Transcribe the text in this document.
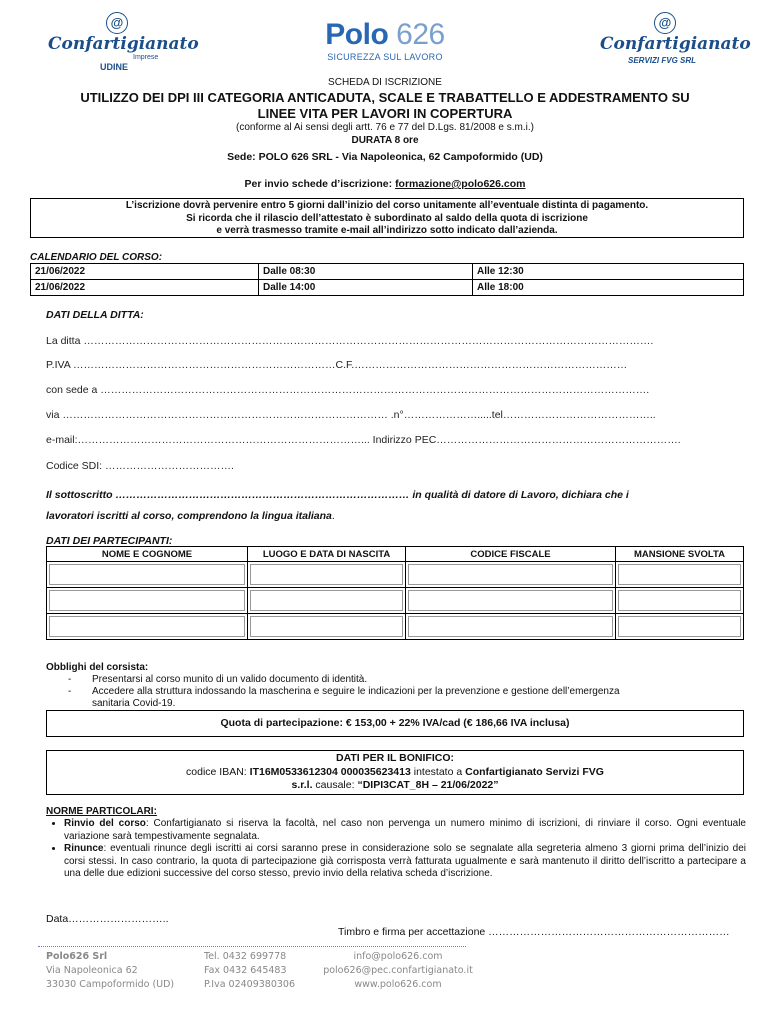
@
Confartigianato
Imprese
UDINE
Polo 626
SICUREZZA SUL LAVORO
@
Confartigianato
SERVIZI FVG SRL
SCHEDA DI ISCRIZIONE
UTILIZZO DEI DPI III CATEGORIA ANTICADUTA, SCALE E TRABATTELLO E ADDESTRAMENTO SU
LINEE VITA PER LAVORI IN COPERTURA
(conforme al Ai sensi degli artt. 76 e 77 del D.Lgs. 81/2008 e s.m.i.)
DURATA 8 ore
Sede: POLO 626 SRL - Via Napoleonica, 62 Campoformido (UD)
Per invio schede d’iscrizione: formazione@polo626.com
L’iscrizione dovrà pervenire entro 5 giorni dall’inizio del corso unitamente all’eventuale distinta di pagamento.
Si ricorda che il rilascio dell’attestato è subordinato al saldo della quota di iscrizione
e verrà trasmesso tramite e-mail all’indirizzo sotto indicato dall’azienda.
CALENDARIO DEL CORSO:
21/06/2022	Dalle 08:30	Alle 12:30
21/06/2022	Dalle 14:00	Alle 18:00
DATI DELLA DITTA:
La ditta ……………………………………………………………………………………………………………………………………………….
P.IVA …………………………………………………………………C.F.……………………………………………………………………
con sede a ………………………………………………………………………………………………………………………………………….
via ………………………………………………………………………………… .n°………………….....tel……………………………………..
e-mail:………………………………………………………………………... Indirizzo PEC…………………………………………………………….
Codice SDI: ……………………………….
Il sottoscritto ………………………………………………………………………… in qualità di datore di Lavoro, dichiara che i
lavoratori iscritti al corso, comprendono la lingua italiana.
DATI DEI PARTECIPANTI:
NOME E COGNOME	LUOGO E DATA DI NASCITA	CODICE FISCALE	MANSIONE SVOLTA

Obblighi del corsista:
- Presentarsi al corso munito di un valido documento di identità.
- Accedere alla struttura indossando la mascherina e seguire le indicazioni per la prevenzione e gestione dell’emergenza
sanitaria Covid-19.
Quota di partecipazione: € 153,00 + 22% IVA/cad (€ 186,66 IVA inclusa)
DATI PER IL BONIFICO:
codice IBAN: IT16M0533612304 000035623413 intestato a Confartigianato Servizi FVG
s.r.l. causale: “DIPI3CAT_8H – 21/06/2022”
NORME PARTICOLARI:
• Rinvio del corso: Confartigianato si riserva la facoltà, nel caso non pervenga un numero minimo di iscrizioni, di rinviare il corso. Ogni eventuale variazione sarà tempestivamente segnalata.
• Rinunce: eventuali rinunce degli iscritti ai corsi saranno prese in considerazione solo se segnalate alla segreteria almeno 3 giorni prima dell’inizio dei corsi stessi. In caso contrario, la quota di partecipazione già corrisposta verrà fatturata ugualmente e sarà mantenuto il diritto dell’iscritto a partecipare a una delle due edizioni successive del corso stesso, previo invio della relativa scheda d’iscrizione.
Data………………………..
Timbro e firma per accettazione ……………………………………………………………
Polo626 Srl
Via Napoleonica 62
33030 Campoformido (UD)
Tel. 0432 699778
Fax 0432 645483
P.Iva 02409380306
info@polo626.com
polo626@pec.confartigianato.it
www.polo626.com
